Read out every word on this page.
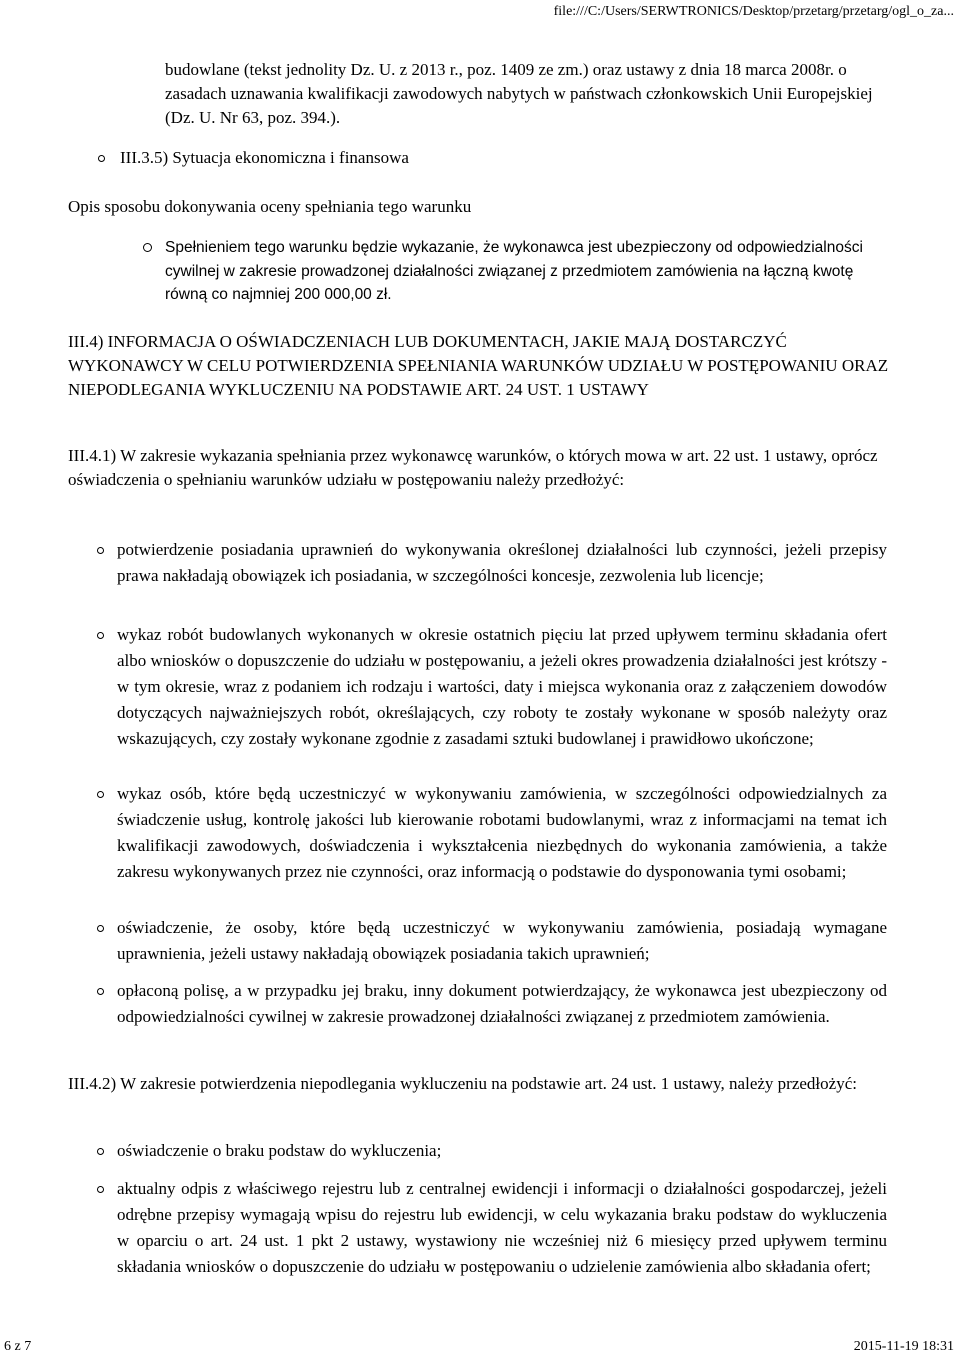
file:///C:/Users/SERWTRONICS/Desktop/przetarg/przetarg/ogl_o_za...
budowlane (tekst jednolity Dz. U. z 2013 r., poz. 1409 ze zm.) oraz ustawy z dnia 18 marca 2008r. o zasadach uznawania kwalifikacji zawodowych nabytych w państwach członkowskich Unii Europejskiej (Dz. U. Nr 63, poz. 394.).
III.3.5) Sytuacja ekonomiczna i finansowa
Opis sposobu dokonywania oceny spełniania tego warunku
Spełnieniem tego warunku będzie wykazanie, że wykonawca jest ubezpieczony od odpowiedzialności cywilnej w zakresie prowadzonej działalności związanej z przedmiotem zamówienia na łączną kwotę równą co najmniej 200 000,00 zł.
III.4) INFORMACJA O OŚWIADCZENIACH LUB DOKUMENTACH, JAKIE MAJĄ DOSTARCZYĆ WYKONAWCY W CELU POTWIERDZENIA SPEŁNIANIA WARUNKÓW UDZIAŁU W POSTĘPOWANIU ORAZ NIEPODLEGANIA WYKLUCZENIU NA PODSTAWIE ART. 24 UST. 1 USTAWY
III.4.1) W zakresie wykazania spełniania przez wykonawcę warunków, o których mowa w art. 22 ust. 1 ustawy, oprócz oświadczenia o spełnianiu warunków udziału w postępowaniu należy przedłożyć:
potwierdzenie posiadania uprawnień do wykonywania określonej działalności lub czynności, jeżeli przepisy prawa nakładają obowiązek ich posiadania, w szczególności koncesje, zezwolenia lub licencje;
wykaz robót budowlanych wykonanych w okresie ostatnich pięciu lat przed upływem terminu składania ofert albo wniosków o dopuszczenie do udziału w postępowaniu, a jeżeli okres prowadzenia działalności jest krótszy - w tym okresie, wraz z podaniem ich rodzaju i wartości, daty i miejsca wykonania oraz z załączeniem dowodów dotyczących najważniejszych robót, określających, czy roboty te zostały wykonane w sposób należyty oraz wskazujących, czy zostały wykonane zgodnie z zasadami sztuki budowlanej i prawidłowo ukończone;
wykaz osób, które będą uczestniczyć w wykonywaniu zamówienia, w szczególności odpowiedzialnych za świadczenie usług, kontrolę jakości lub kierowanie robotami budowlanymi, wraz z informacjami na temat ich kwalifikacji zawodowych, doświadczenia i wykształcenia niezbędnych do wykonania zamówienia, a także zakresu wykonywanych przez nie czynności, oraz informacją o podstawie do dysponowania tymi osobami;
oświadczenie, że osoby, które będą uczestniczyć w wykonywaniu zamówienia, posiadają wymagane uprawnienia, jeżeli ustawy nakładają obowiązek posiadania takich uprawnień;
opłaconą polisę, a w przypadku jej braku, inny dokument potwierdzający, że wykonawca jest ubezpieczony od odpowiedzialności cywilnej w zakresie prowadzonej działalności związanej z przedmiotem zamówienia.
III.4.2) W zakresie potwierdzenia niepodlegania wykluczeniu na podstawie art. 24 ust. 1 ustawy, należy przedłożyć:
oświadczenie o braku podstaw do wykluczenia;
aktualny odpis z właściwego rejestru lub z centralnej ewidencji i informacji o działalności gospodarczej, jeżeli odrębne przepisy wymagają wpisu do rejestru lub ewidencji, w celu wykazania braku podstaw do wykluczenia w oparciu o art. 24 ust. 1 pkt 2 ustawy, wystawiony nie wcześniej niż 6 miesięcy przed upływem terminu składania wniosków o dopuszczenie do udziału w postępowaniu o udzielenie zamówienia albo składania ofert;
6 z 7	2015-11-19 18:31
